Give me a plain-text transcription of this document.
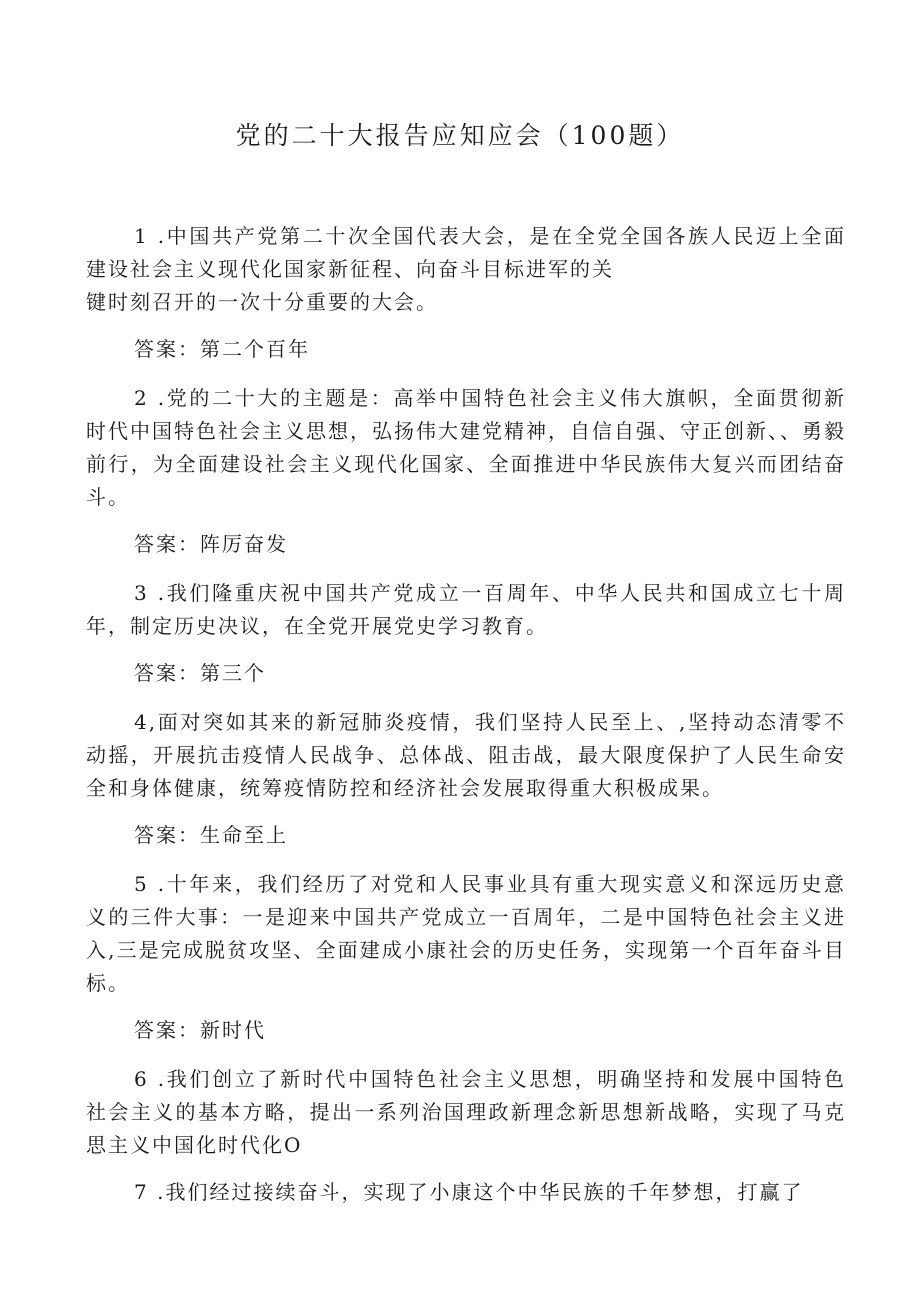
党的二十大报告应知应会（100题）
1 .中国共产党第二十次全国代表大会，是在全党全国各族人民迈上全面建设社会主义现代化国家新征程、向奋斗目标进军的关
键时刻召开的一次十分重要的大会。
答案：第二个百年
2 .党的二十大的主题是：高举中国特色社会主义伟大旗帜，全面贯彻新时代中国特色社会主义思想，弘扬伟大建党精神，自信自强、守正创新、、勇毅前行，为全面建设社会主义现代化国家、全面推进中华民族伟大复兴而团结奋斗。
答案：阵厉奋发
3 .我们隆重庆祝中国共产党成立一百周年、中华人民共和国成立七十周年，制定历史决议，在全党开展党史学习教育。
答案：第三个
4,面对突如其来的新冠肺炎疫情，我们坚持人民至上、,坚持动态清零不动摇，开展抗击疫情人民战争、总体战、阻击战，最大限度保护了人民生命安全和身体健康，统筹疫情防控和经济社会发展取得重大积极成果。
答案：生命至上
5 .十年来，我们经历了对党和人民事业具有重大现实意义和深远历史意义的三件大事：一是迎来中国共产党成立一百周年，二是中国特色社会主义进入,三是完成脱贫攻坚、全面建成小康社会的历史任务，实现第一个百年奋斗目标。
答案：新时代
6 .我们创立了新时代中国特色社会主义思想，明确坚持和发展中国特色社会主义的基本方略，提出一系列治国理政新理念新思想新战略，实现了马克思主义中国化时代化O
7 .我们经过接续奋斗，实现了小康这个中华民族的千年梦想，打赢了
